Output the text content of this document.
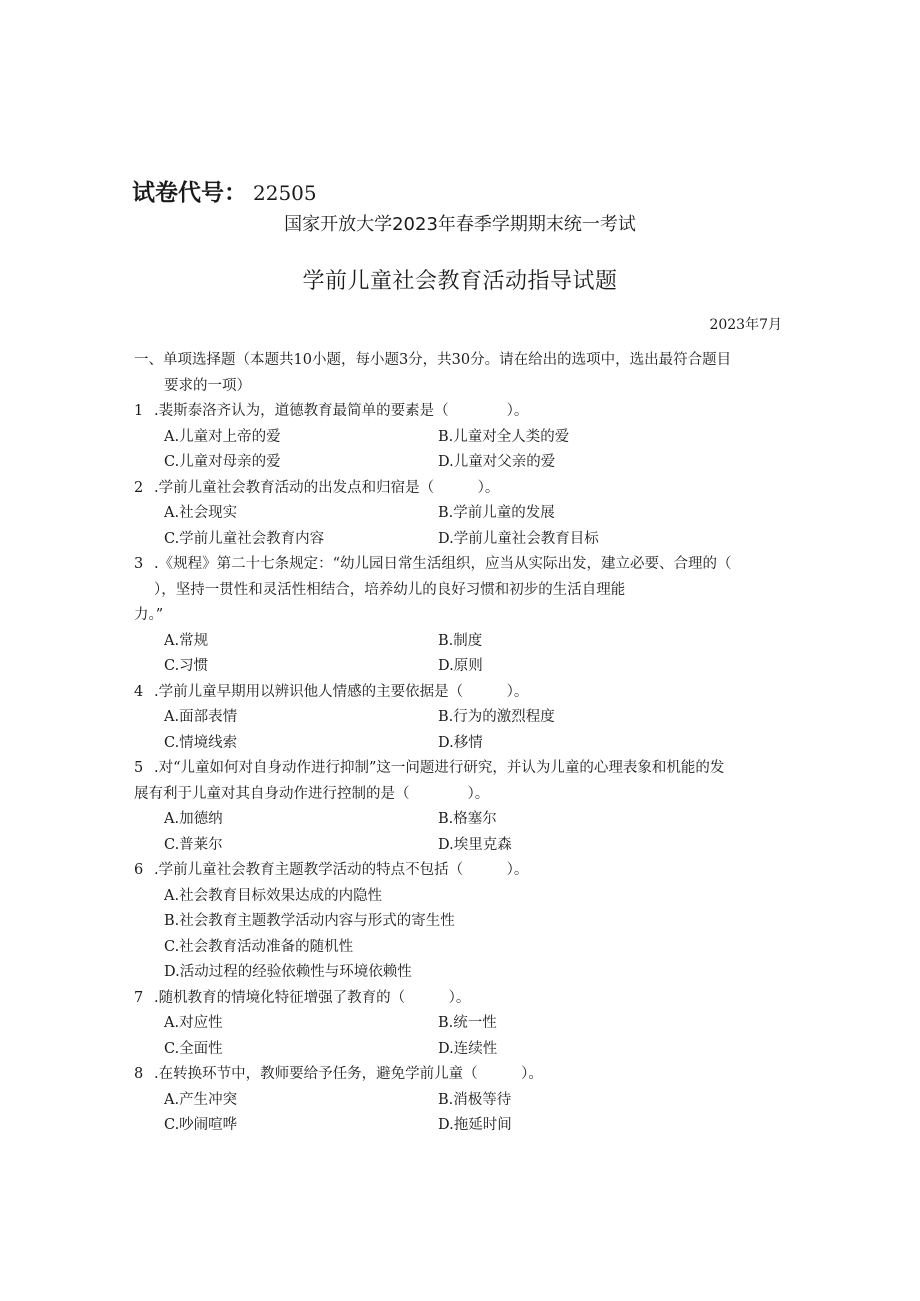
试卷代号： 22505
国家开放大学2023年春季学期期末统一考试
学前儿童社会教育活动指导试题
2023年7月
一、单项选择题（本题共10小题，每小题3分，共30分。请在给出的选项中，选出最符合题目
要求的一项）
1 .裴斯泰洛齐认为，道德教育最简单的要素是（　　　　）。
A.儿童对上帝的爱	B.儿童对全人类的爱
C.儿童对母亲的爱	D.儿童对父亲的爱
2 .学前儿童社会教育活动的出发点和归宿是（　　　）。
A.社会现实	B.学前儿童的发展
C.学前儿童社会教育内容	D.学前儿童社会教育目标
3 .《规程》第二十七条规定：“幼儿园日常生活组织，应当从实际出发，建立必要、合理的（
），坚持一贯性和灵活性相结合，培养幼儿的良好习惯和初步的生活自理能
力。”
A.常规	B.制度
C.习惯	D.原则
4 .学前儿童早期用以辨识他人情感的主要依据是（　　　）。
A.面部表情	B.行为的激烈程度
C.情境线索	D.移情
5 .对“儿童如何对自身动作进行抑制”这一问题进行研究，并认为儿童的心理表象和机能的发
展有利于儿童对其自身动作进行控制的是（　　　　）。
A.加德纳	B.格塞尔
C.普莱尔	D.埃里克森
6 .学前儿童社会教育主题教学活动的特点不包括（　　　）。
A.社会教育目标效果达成的内隐性
B.社会教育主题教学活动内容与形式的寄生性
C.社会教育活动准备的随机性
D.活动过程的经验依赖性与环境依赖性
7 .随机教育的情境化特征增强了教育的（　　　）。
A.对应性	B.统一性
C.全面性	D.连续性
8 .在转换环节中，教师要给予任务，避免学前儿童（　　　）。
A.产生冲突	B.消极等待
C.吵闹喧哗	D.拖延时间
